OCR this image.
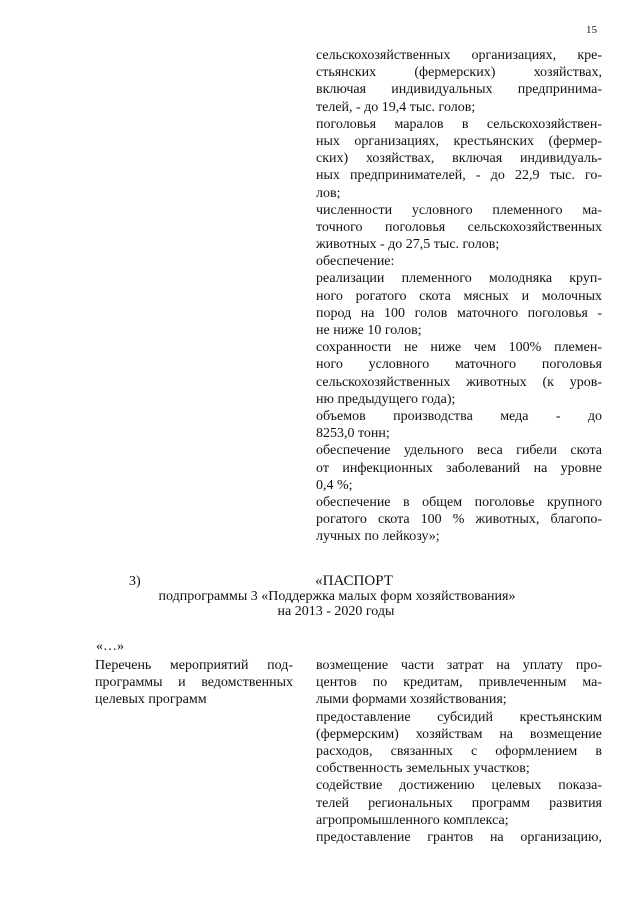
15
сельскохозяйственных организациях, кре-
стьянских (фермерских) хозяйствах,
включая индивидуальных предпринима-
телей, - до 19,4 тыс. голов;
поголовья маралов в сельскохозяйствен-
ных организациях, крестьянских (фермер-
ских) хозяйствах, включая индивидуаль-
ных предпринимателей, - до 22,9 тыс. го-
лов;
численности условного племенного ма-
точного поголовья сельскохозяйственных
животных - до 27,5 тыс. голов;
обеспечение:
реализации племенного молодняка круп-
ного рогатого скота мясных и молочных
пород на 100 голов маточного поголовья -
не ниже 10 голов;
сохранности не ниже чем 100% племен-
ного условного маточного поголовья
сельскохозяйственных животных (к уров-
ню предыдущего года);
объемов производства меда - до
8253,0 тонн;
обеспечение удельного веса гибели скота
от инфекционных заболеваний на уровне
0,4 %;
обеспечение в общем поголовье крупного
рогатого скота 100 % животных, благопо-
лучных по лейкозу»;
3)	«ПАСПОРТ
подпрограммы 3 «Поддержка малых форм хозяйствования»
на 2013 - 2020 годы
«…»
Перечень мероприятий под-
программы и ведомственных
целевых программ
возмещение части затрат на уплату про-
центов по кредитам, привлеченным ма-
лыми формами хозяйствования;
предоставление субсидий крестьянским
(фермерским) хозяйствам на возмещение
расходов, связанных с оформлением в
собственность земельных участков;
содействие достижению целевых показа-
телей региональных программ развития
агропромышленного комплекса;
предоставление грантов на организацию,
